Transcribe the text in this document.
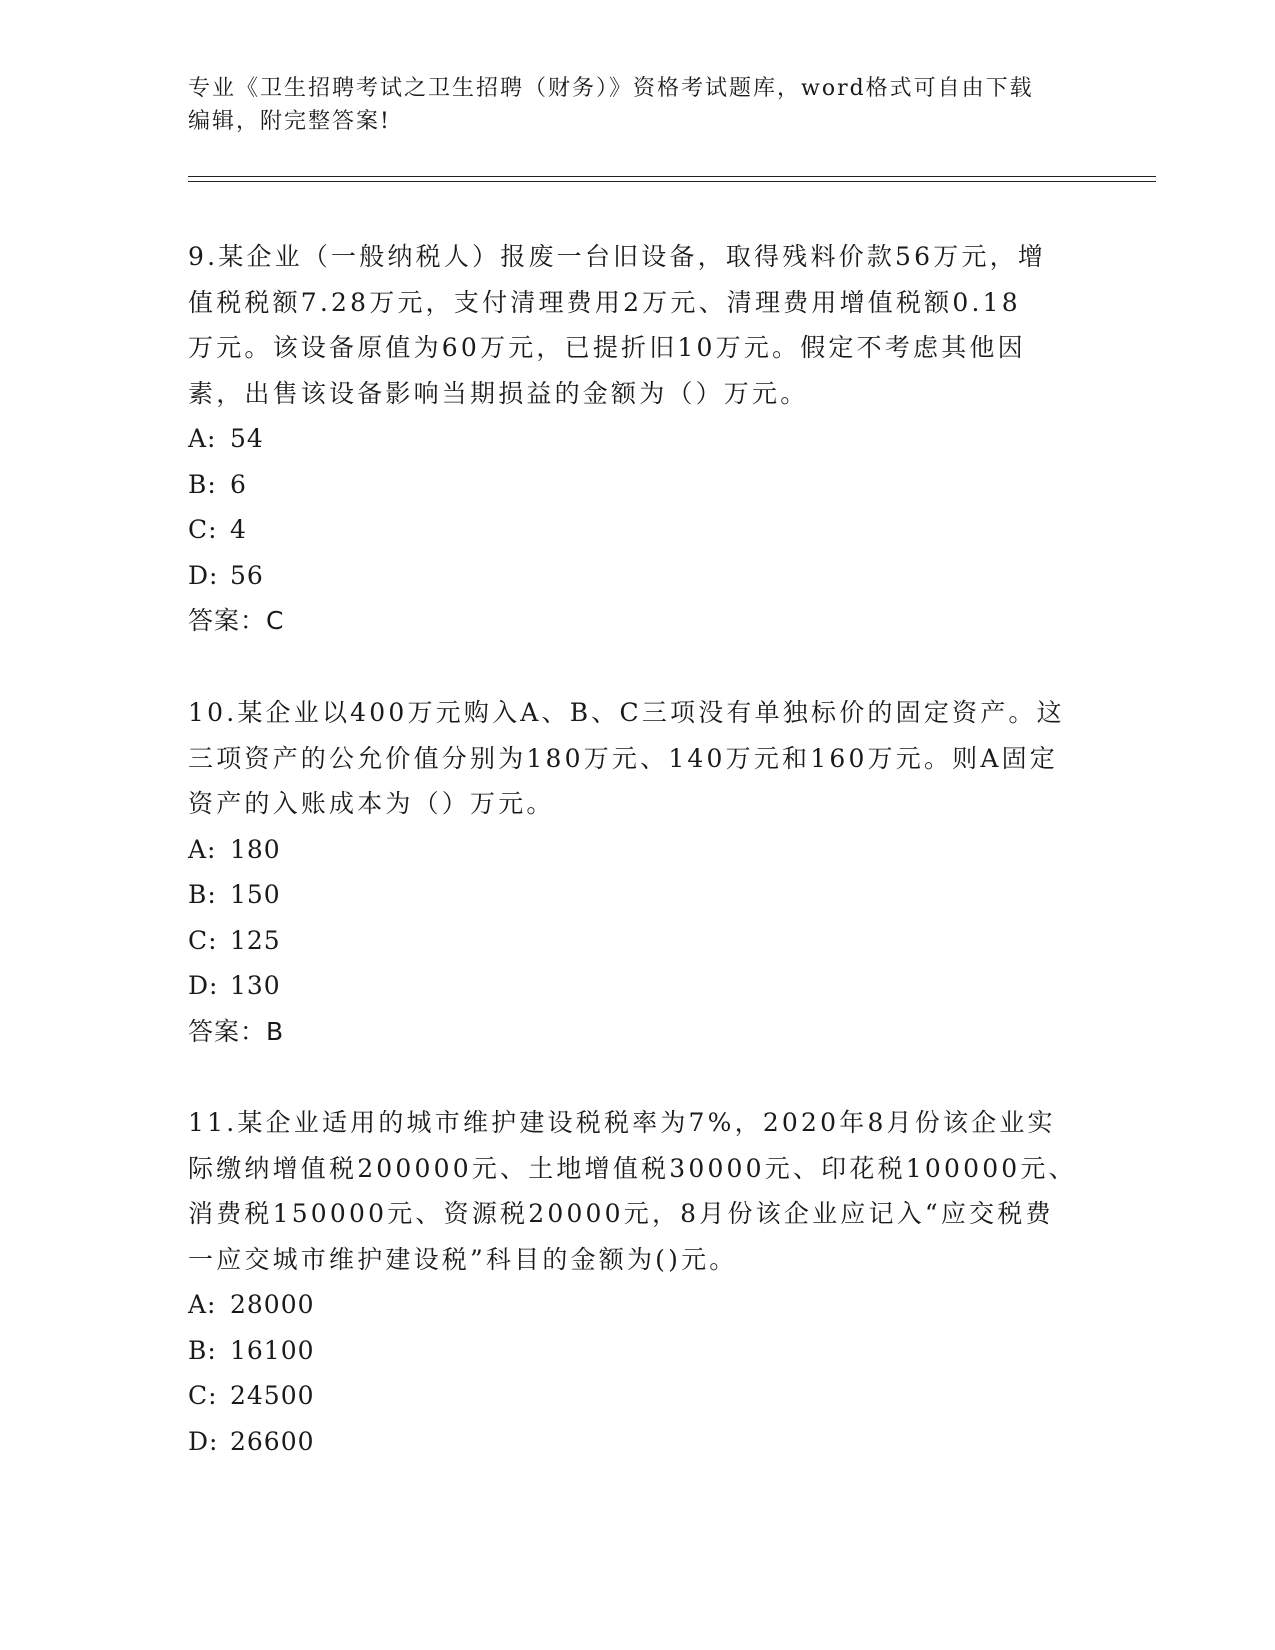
专业《卫生招聘考试之卫生招聘（财务）》资格考试题库，word格式可自由下载
编辑，附完整答案!
9.某企业（一般纳税人）报废一台旧设备，取得残料价款56万元，增
值税税额7.28万元，支付清理费用2万元、清理费用增值税额0.18
万元。该设备原值为60万元，已提折旧10万元。假定不考虑其他因
素，出售该设备影响当期损益的金额为（）万元。
A: 54
B: 6
C: 4
D: 56
答案：C
10.某企业以400万元购入A、B、C三项没有单独标价的固定资产。这
三项资产的公允价值分别为180万元、140万元和160万元。则A固定
资产的入账成本为（）万元。
A: 180
B: 150
C: 125
D: 130
答案：B
11.某企业适用的城市维护建设税税率为7%，2020年8月份该企业实
际缴纳增值税200000元、土地增值税30000元、印花税100000元、
消费税150000元、资源税20000元，8月份该企业应记入“应交税费
一应交城市维护建设税”科目的金额为()元。
A: 28000
B: 16100
C: 24500
D: 26600
